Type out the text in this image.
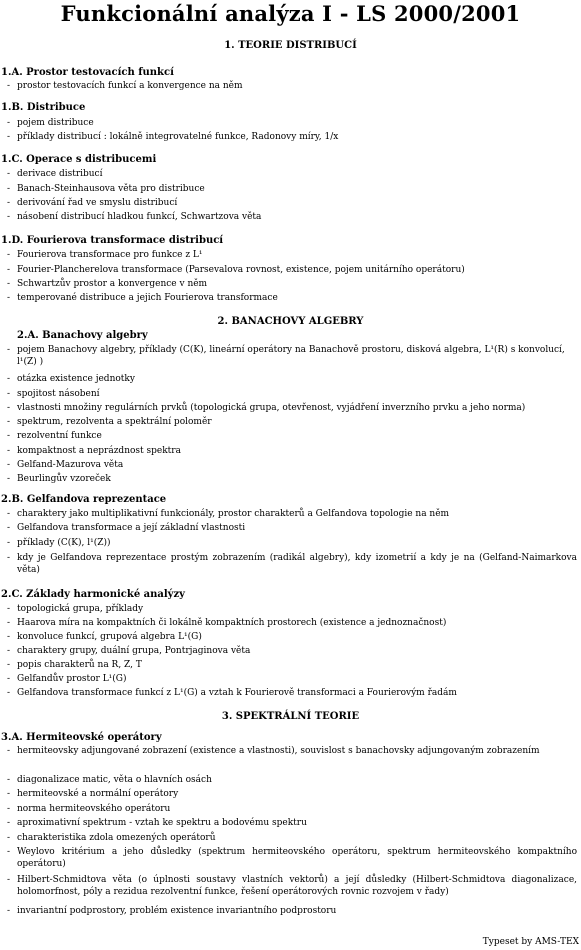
Funkcionální analýza I - LS 2000/2001
1. TEORIE DISTRIBUCÍ
1.A. Prostor testovacích funkcí
- prostor testovacích funkcí a konvergence na něm
1.B. Distribuce
- pojem distribuce
- příklady distribucí : lokálně integrovatelné funkce, Radonovy míry, 1/x
1.C. Operace s distribucemi
- derivace distribucí
- Banach-Steinhausova věta pro distribuce
- derivování řad ve smyslu distribucí
- násobení distribucí hladkou funkcí, Schwartzova věta
1.D. Fourierova transformace distribucí
- Fourierova transformace pro funkce z L¹
- Fourier-Plancherelova transformace (Parsevalova rovnost, existence, pojem unitárního operátoru)
- Schwartzův prostor a konvergence v něm
- temperované distribuce a jejich Fourierova transformace
2. BANACHOVY ALGEBRY
2.A. Banachovy algebry
- pojem Banachovy algebry, příklady (C(K), lineární operátory na Banachově prostoru, disková algebra, L¹(R) s konvolucí, l¹(Z) )
- otázka existence jednotky
- spojitost násobení
- vlastnosti množiny regulárních prvků (topologická grupa, otevřenost, vyjádření inverzního prvku a jeho norma)
- spektrum, rezolventa a spektrální poloměr
- rezolventní funkce
- kompaktnost a neprázdnost spektra
- Gelfand-Mazurova věta
- Beurlingův vzoreček
2.B. Gelfandova reprezentace
- charaktery jako multiplikativní funkcionály, prostor charakterů a Gelfandova topologie na něm
- Gelfandova transformace a její základní vlastnosti
- příklady (C(K), l¹(Z))
- kdy je Gelfandova reprezentace prostým zobrazením (radikál algebry), kdy izometrií a kdy je na (Gelfand-Naimarkova věta)
2.C. Základy harmonické analýzy
- topologická grupa, příklady
- Haarova míra na kompaktních či lokálně kompaktních prostorech (existence a jednoznačnost)
- konvoluce funkcí, grupová algebra L¹(G)
- charaktery grupy, duální grupa, Pontrjaginova věta
- popis charakterů na R, Z, T
- Gelfandův prostor L¹(G)
- Gelfandova transformace funkcí z L¹(G) a vztah k Fourierově transformaci a Fourierovým řadám
3. SPEKTRÁLNÍ TEORIE
3.A. Hermiteovské operátory
- hermiteovsky adjungované zobrazení (existence a vlastnosti), souvislost s banachovsky adjungovaným zobrazením
- diagonalizace matic, věta o hlavních osách
- hermiteovské a normální operátory
- norma hermiteovského operátoru
- aproximativní spektrum - vztah ke spektru a bodovému spektru
- charakteristika zdola omezených operátorů
- Weylovo kritérium a jeho důsledky (spektrum hermiteovského operátoru, spektrum hermiteovského kompaktního operátoru)
- Hilbert-Schmidtova věta (o úplnosti soustavy vlastních vektorů) a její důsledky (Hilbert-Schmidtova diagonalizace, holomorfnost, póly a rezidua rezolventní funkce, řešení operátorových rovnic rozvojem v řady)
- invariantní podprostory, problém existence invariantního podprostoru
Typeset by AMS-TEX
